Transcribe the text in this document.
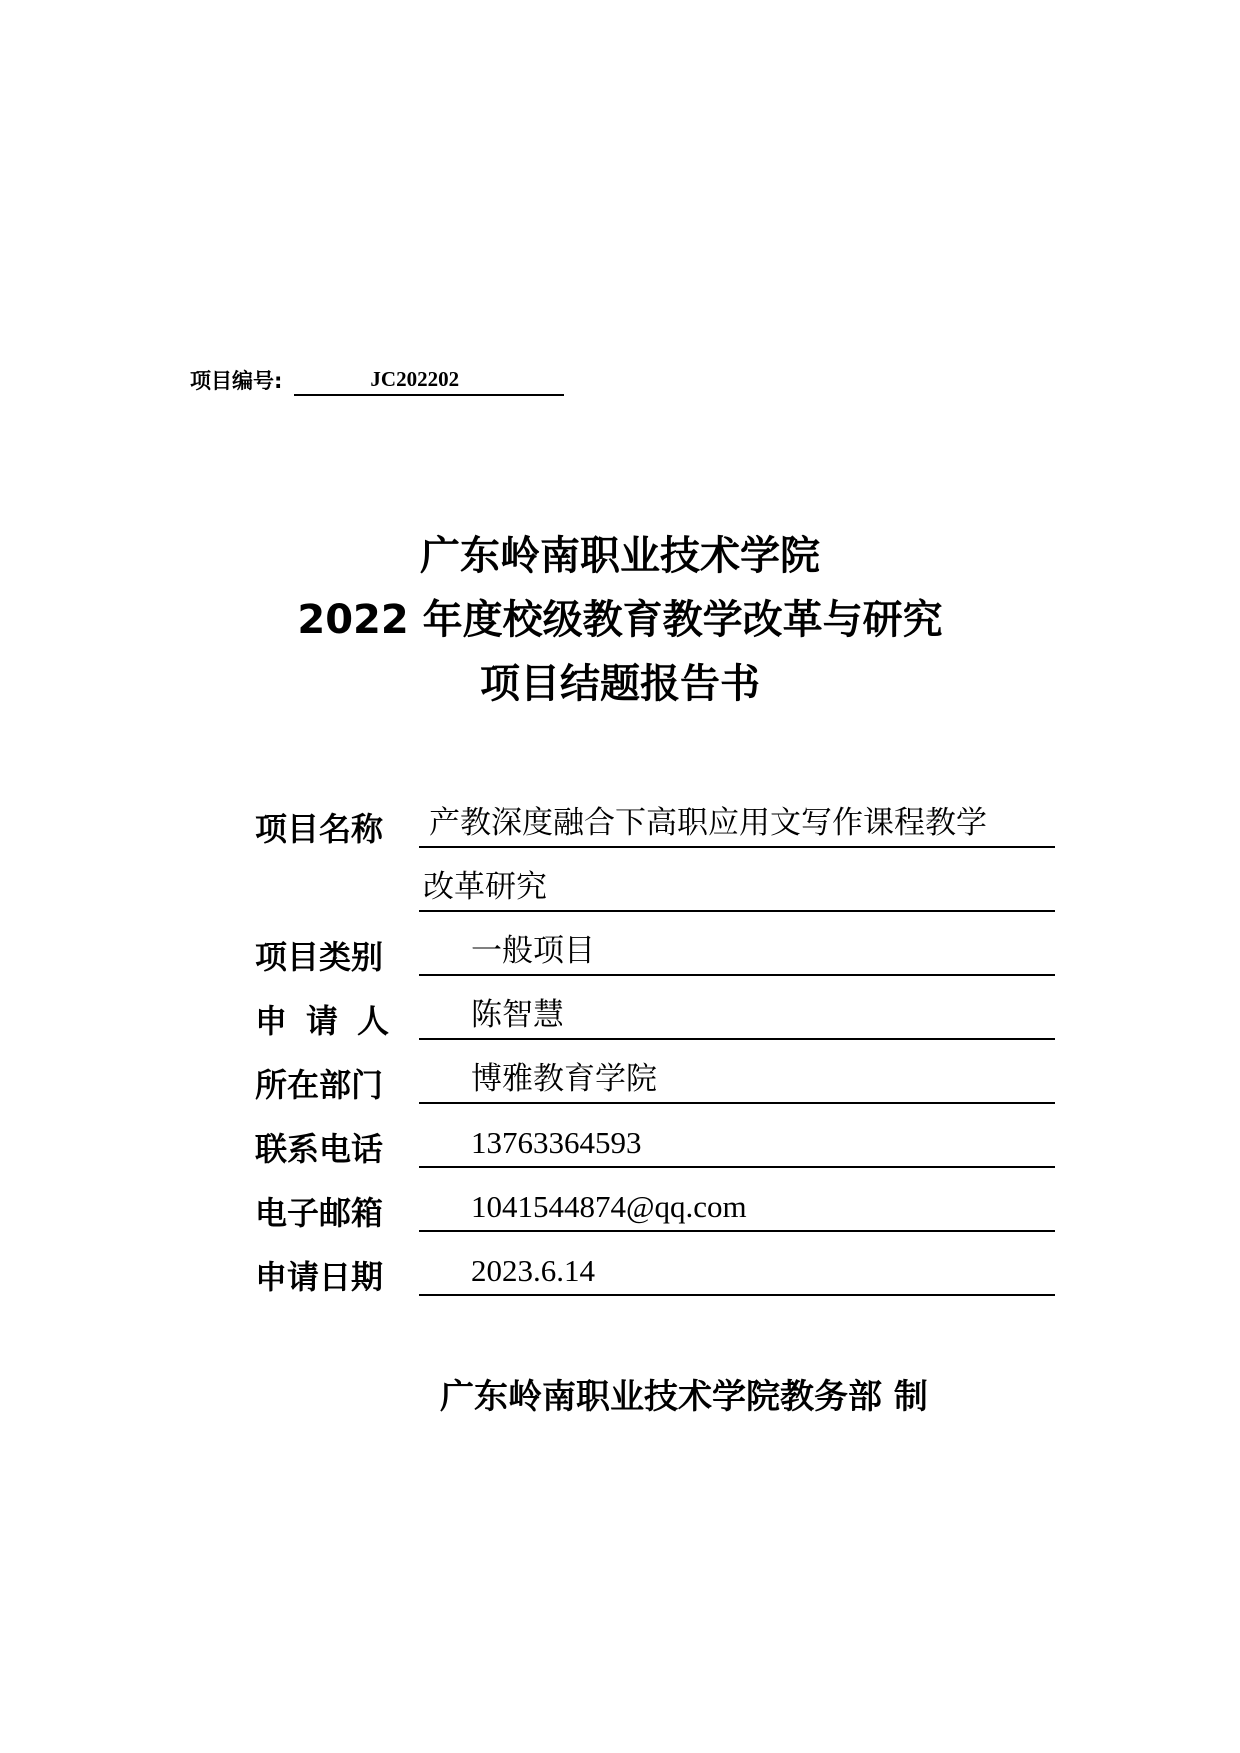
项目编号:	JC202202
广东岭南职业技术学院
2022 年度校级教育教学改革与研究
项目结题报告书
项目名称	产教深度融合下高职应用文写作课程教学
改革研究
项目类别	一般项目
申请人	陈智慧
所在部门	博雅教育学院
联系电话	13763364593
电子邮箱	1041544874@qq.com
申请日期	2023.6.14
广东岭南职业技术学院教务部 制
